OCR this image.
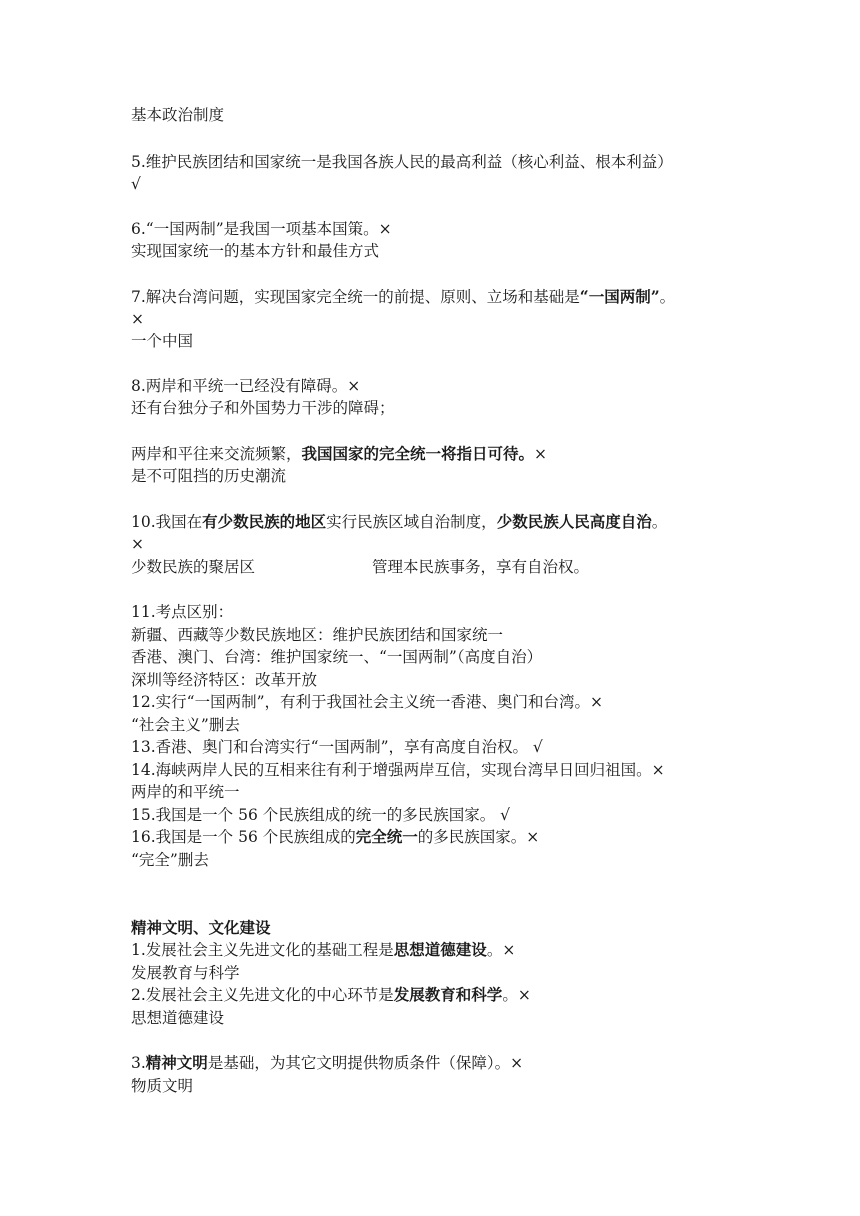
基本政治制度
5.维护民族团结和国家统一是我国各族人民的最高利益（核心利益、根本利益）
√
6.“一国两制”是我国一项基本国策。×
实现国家统一的基本方针和最佳方式
7.解决台湾问题，实现国家完全统一的前提、原则、立场和基础是“一国两制”。
×
一个中国
8.两岸和平统一已经没有障碍。×
还有台独分子和外国势力干涉的障碍；
两岸和平往来交流频繁，我国国家的完全统一将指日可待。×
是不可阻挡的历史潮流
10.我国在有少数民族的地区实行民族区域自治制度，少数民族人民高度自治。
×
少数民族的聚居区	管理本民族事务，享有自治权。
11.考点区别：
新疆、西藏等少数民族地区：维护民族团结和国家统一
香港、澳门、台湾：维护国家统一、“一国两制”（高度自治）
深圳等经济特区：改革开放
12.实行“一国两制”，有利于我国社会主义统一香港、奥门和台湾。×
“社会主义”删去
13.香港、奥门和台湾实行“一国两制”，享有高度自治权。 √
14.海峡两岸人民的互相来往有利于增强两岸互信，实现台湾早日回归祖国。×
两岸的和平统一
15.我国是一个 56 个民族组成的统一的多民族国家。 √
16.我国是一个 56 个民族组成的完全统一的多民族国家。×
“完全”删去
精神文明、文化建设
1.发展社会主义先进文化的基础工程是思想道德建设。×
发展教育与科学
2.发展社会主义先进文化的中心环节是发展教育和科学。×
思想道德建设
3.精神文明是基础，为其它文明提供物质条件（保障）。×
物质文明
